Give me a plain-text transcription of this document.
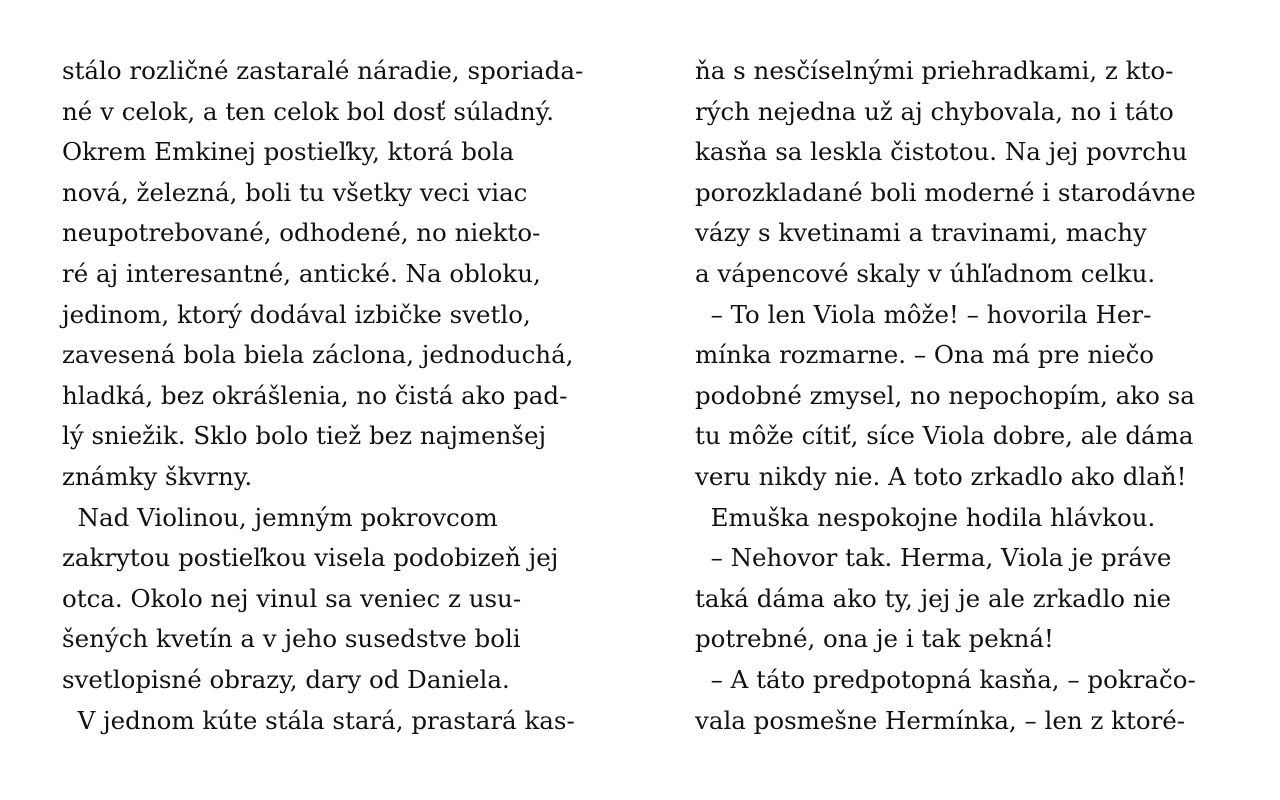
stálo rozličné zastaralé náradie, sporiada-
né v celok, a ten celok bol dosť súladný.
Okrem Emkinej postieľky, ktorá bola
nová, železná, boli tu všetky veci viac
neupotrebované, odhodené, no niekto-
ré aj interesantné, antické. Na obloku,
jedinom, ktorý dodával izbičke svetlo,
zavesená bola biela záclona, jednoduchá,
hladká, bez okrášlenia, no čistá ako pad-
lý sniežik. Sklo bolo tiež bez najmenšej
známky škvrny.
Nad Violinou, jemným pokrovcom
zakrytou postieľkou visela podobizeň jej
otca. Okolo nej vinul sa veniec z usu-
šených kvetín a v jeho susedstve boli
svetlopisné obrazy, dary od Daniela.
V jednom kúte stála stará, prastará kas-
ňa s nesčíselnými priehradkami, z kto-
rých nejedna už aj chybovala, no i táto
kasňa sa leskla čistotou. Na jej povrchu
porozkladané boli moderné i starodávne
vázy s kvetinami a travinami, machy
a vápencové skaly v úhľadnom celku.
– To len Viola môže! – hovorila Her-
mínka rozmarne. – Ona má pre niečo
podobné zmysel, no nepochopím, ako sa
tu môže cítiť, síce Viola dobre, ale dáma
veru nikdy nie. A toto zrkadlo ako dlaň!
Emuška nespokojne hodila hlávkou.
– Nehovor tak. Herma, Viola je práve
taká dáma ako ty, jej je ale zrkadlo nie
potrebné, ona je i tak pekná!
– A táto predpotopná kasňa, – pokračo-
vala posmešne Hermínka, – len z ktoré-
